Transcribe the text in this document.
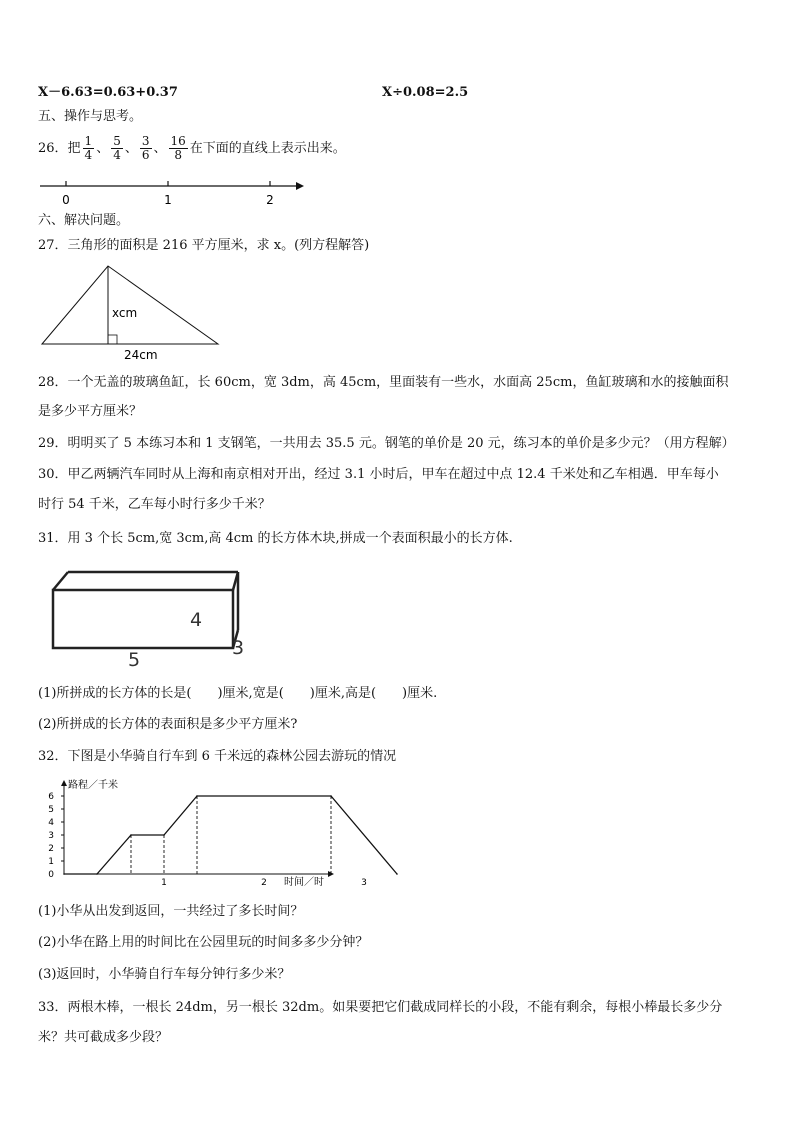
X－6.63=0.63+0.37	X÷0.08=2.5
五、操作与思考。
26．把 $\frac{1}{4}$ 、 $\frac{5}{4}$ 、 $\frac{3}{6}$ 、 $\frac{16}{8}$ 在下面的直线上表示出来。
0	1	2
六、解决问题。
27．三角形的面积是 216 平方厘米，求 x。(列方程解答)
xcm
24cm
28．一个无盖的玻璃鱼缸，长 60cm，宽 3dm，高 45cm，里面装有一些水，水面高 25cm，鱼缸玻璃和水的接触面积
是多少平方厘米？
29．明明买了 5 本练习本和 1 支钢笔，一共用去 35.5 元。钢笔的单价是 20 元，练习本的单价是多少元？（用方程解）
30．甲乙两辆汽车同时从上海和南京相对开出，经过 3.1 小时后，甲车在超过中点 12.4 千米处和乙车相遇．甲车每小
时行 54 千米，乙车每小时行多少千米？
31．用 3 个长 5cm,宽 3cm,高 4cm 的长方体木块,拼成一个表面积最小的长方体.
4
3
5
(1)所拼成的长方体的长是(　　)厘米,宽是(　　)厘米,高是(　　)厘米.
(2)所拼成的长方体的表面积是多少平方厘米?
32．下图是小华骑自行车到 6 千米远的森林公园去游玩的情况
路程／千米
时间／时
0
1
2
3
4
5
6
1	2	3
(1)小华从出发到返回，一共经过了多长时间？
(2)小华在路上用的时间比在公园里玩的时间多多少分钟？
(3)返回时，小华骑自行车每分钟行多少米？
33．两根木棒，一根长 24dm，另一根长 32dm。如果要把它们截成同样长的小段，不能有剩余，每根小棒最长多少分
米？共可截成多少段？
